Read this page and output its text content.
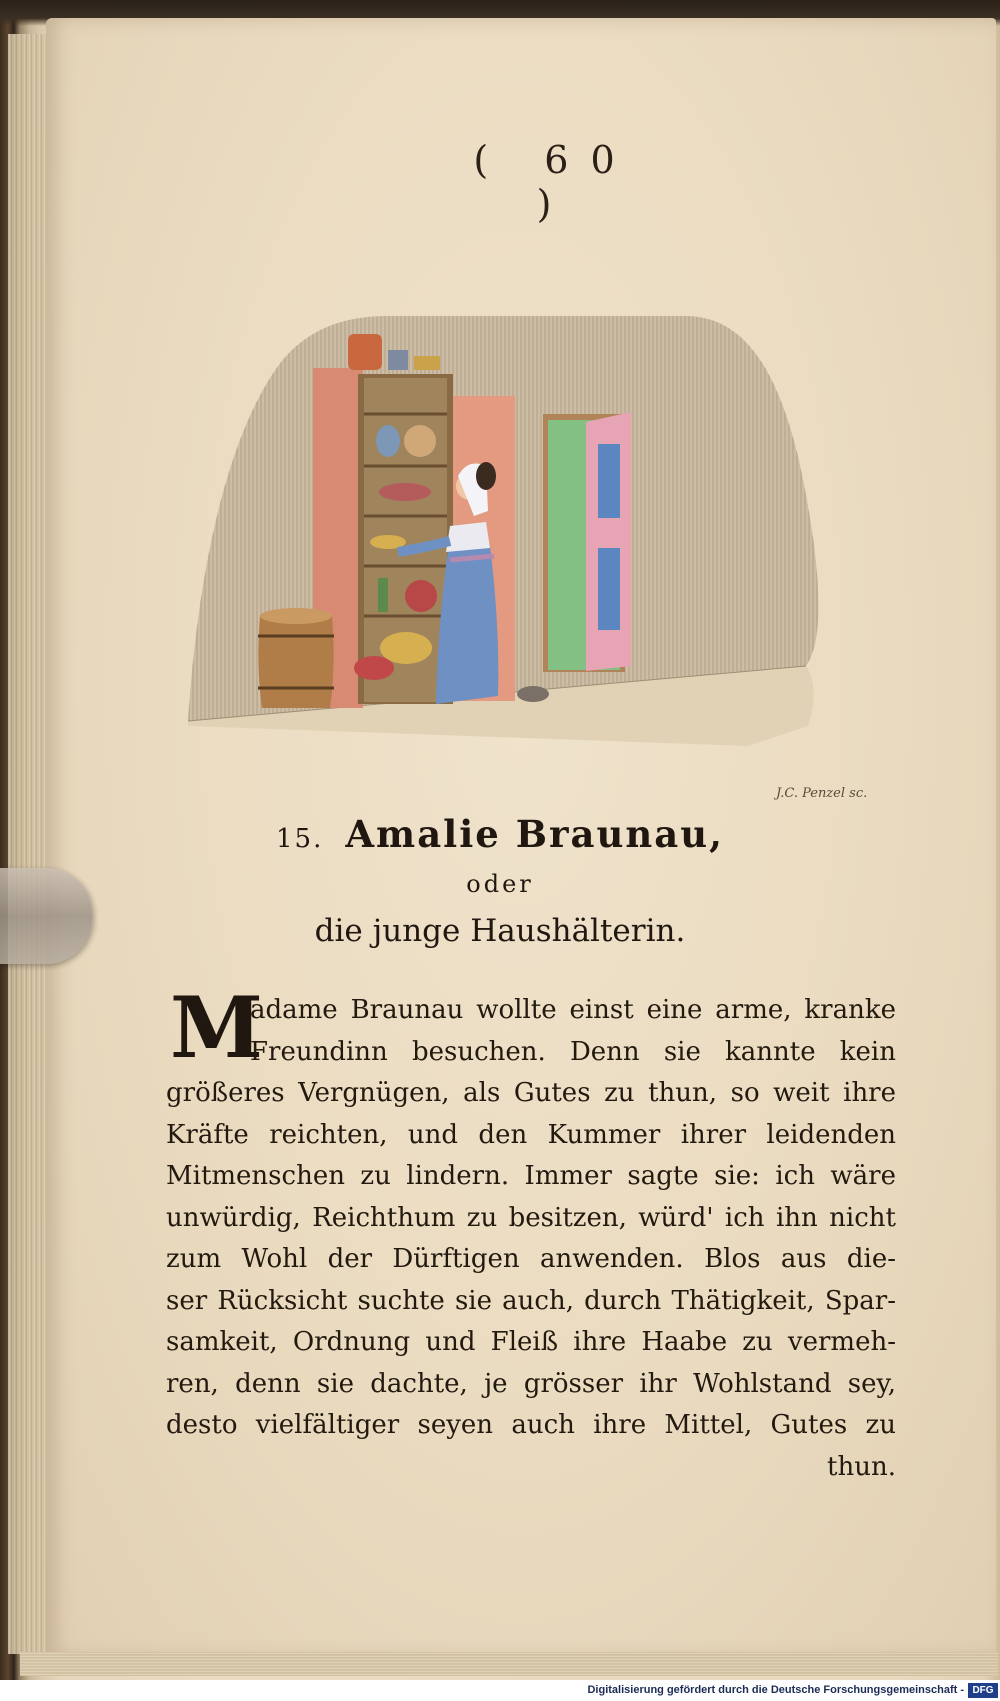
( 60 )
J.C. Penzel sc.
15. Amalie Braunau,
oder
die junge Haushälterin.
M
adame Braunau wollte einst eine arme, kranke
Freundinn besuchen. Denn sie kannte kein
größeres Vergnügen, als Gutes zu thun, so weit ihre
Kräfte reichten, und den Kummer ihrer leidenden
Mitmenschen zu lindern. Immer sagte sie: ich wäre
unwürdig, Reichthum zu besitzen, würd' ich ihn nicht
zum Wohl der Dürftigen anwenden. Blos aus die-
ser Rücksicht suchte sie auch, durch Thätigkeit, Spar-
samkeit, Ordnung und Fleiß ihre Haabe zu vermeh-
ren, denn sie dachte, je grösser ihr Wohlstand sey,
desto vielfältiger seyen auch ihre Mittel, Gutes zu
thun.
Digitalisierung gefördert durch die Deutsche Forschungsgemeinschaft - DFG
